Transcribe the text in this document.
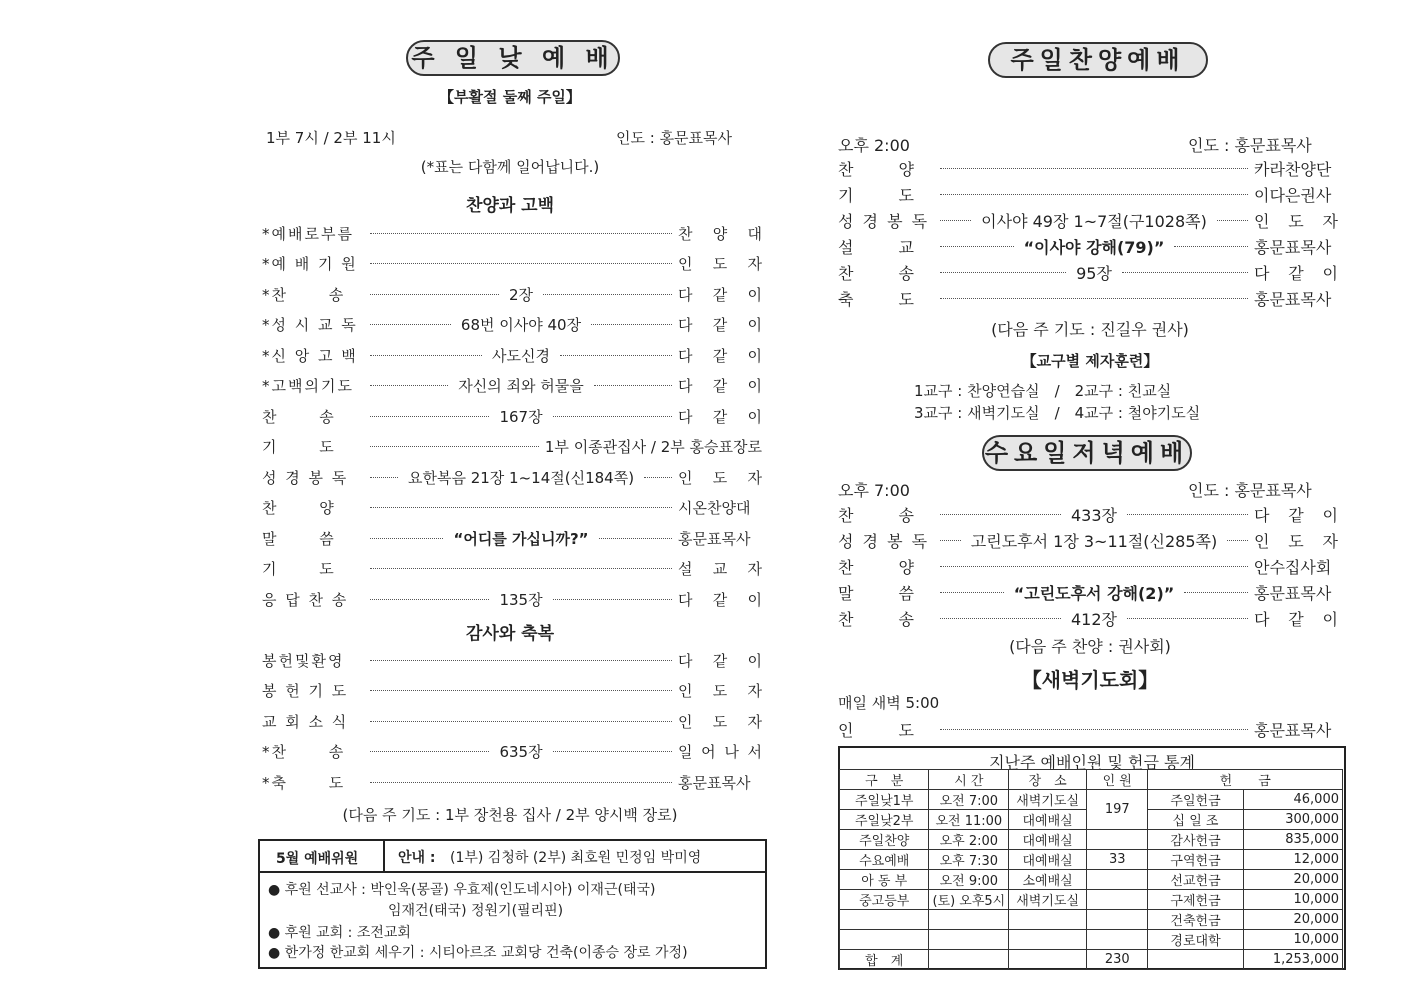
주 일 낮 예 배
【부활절 둘째 주일】
1부 7시 / 2부 11시	인도 : 홍문표목사
(*표는 다함께 일어납니다.)
찬양과 고백
*예배로부름	찬 양 대
*예 배 기 원	인 도 자
*찬　　 송	2장	다 같 이
*성 시 교 독	68번 이사야 40장	다 같 이
*신 앙 고 백	사도신경	다 같 이
*고백의기도	자신의 죄와 허물을	다 같 이
찬　　 송	167장	다 같 이
기　　 도	1부 이종관집사 / 2부 홍승표장로
성 경 봉 독	요한복음 21장 1~14절(신184쪽)	인 도 자
찬　　 양	시온찬양대
말　　 씀	“어디를 가십니까?”	홍문표목사
기　　 도	설 교 자
응 답 찬 송	135장	다 같 이
감사와 축복
봉헌및환영	다 같 이
봉 헌 기 도	인 도 자
교 회 소 식	인 도 자
*찬　　 송	635장	일 어 나 서
*축　　 도	홍문표목사
(다음 주 기도 : 1부 장천용 집사 / 2부 양시백 장로)
5월 예배위원	안내 : (1부) 김청하 (2부) 최호원 민정임 박미영
● 후원 선교사 : 박인욱(몽골) 우효제(인도네시아) 이재근(태국)
임재건(태국) 정원기(필리핀)
● 후원 교회 : 조전교회
● 한가정 한교회 세우기 : 시티아르조 교회당 건축(이종승 장로 가정)
주일찬양예배
오후 2:00	인도 : 홍문표목사
찬　　 양	카라찬양단
기　　 도	이다은권사
성 경 봉 독	이사야 49장 1~7절(구1028쪽)	인 도 자
설　　 교	“이사야 강해(79)”	홍문표목사
찬　　 송	95장	다 같 이
축　　 도	홍문표목사
(다음 주 기도 : 진길우 권사)
【교구별 제자훈련】
1교구 : 찬양연습실　/　2교구 : 친교실
3교구 : 새벽기도실　/　4교구 : 철야기도실
수요일저녁예배
오후 7:00	인도 : 홍문표목사
찬　　 송	433장	다 같 이
성 경 봉 독	고린도후서 1장 3~11절(신285쪽) 인 도 자
찬　　 양	안수집사회
말　　 씀	“고린도후서 강해(2)”	홍문표목사
찬　　 송	412장	다 같 이
(다음 주 찬양 : 권사회)
【새벽기도회】
매일 새벽 5:00
인　　 도	홍문표목사
지난주 예배인원 및 헌금 통계
구　분	시 간	장　소	인 원	헌　　금	
주일낮1부	오전 7:00	새벽기도실	197	주일헌금	46,000
주일낮2부	오전 11:00	대예배실		십 일 조	300,000
주일찬양	오후 2:00	대예배실		감사헌금	835,000
수요예배	오후 7:30	대예배실	33	구역헌금	12,000
아 동 부	오전 9:00	소예배실		선교헌금	20,000
중고등부	(토) 오후5시	새벽기도실		구제헌금	10,000
				건축헌금	20,000
				경로대학	10,000
합　계			230		1,253,000
